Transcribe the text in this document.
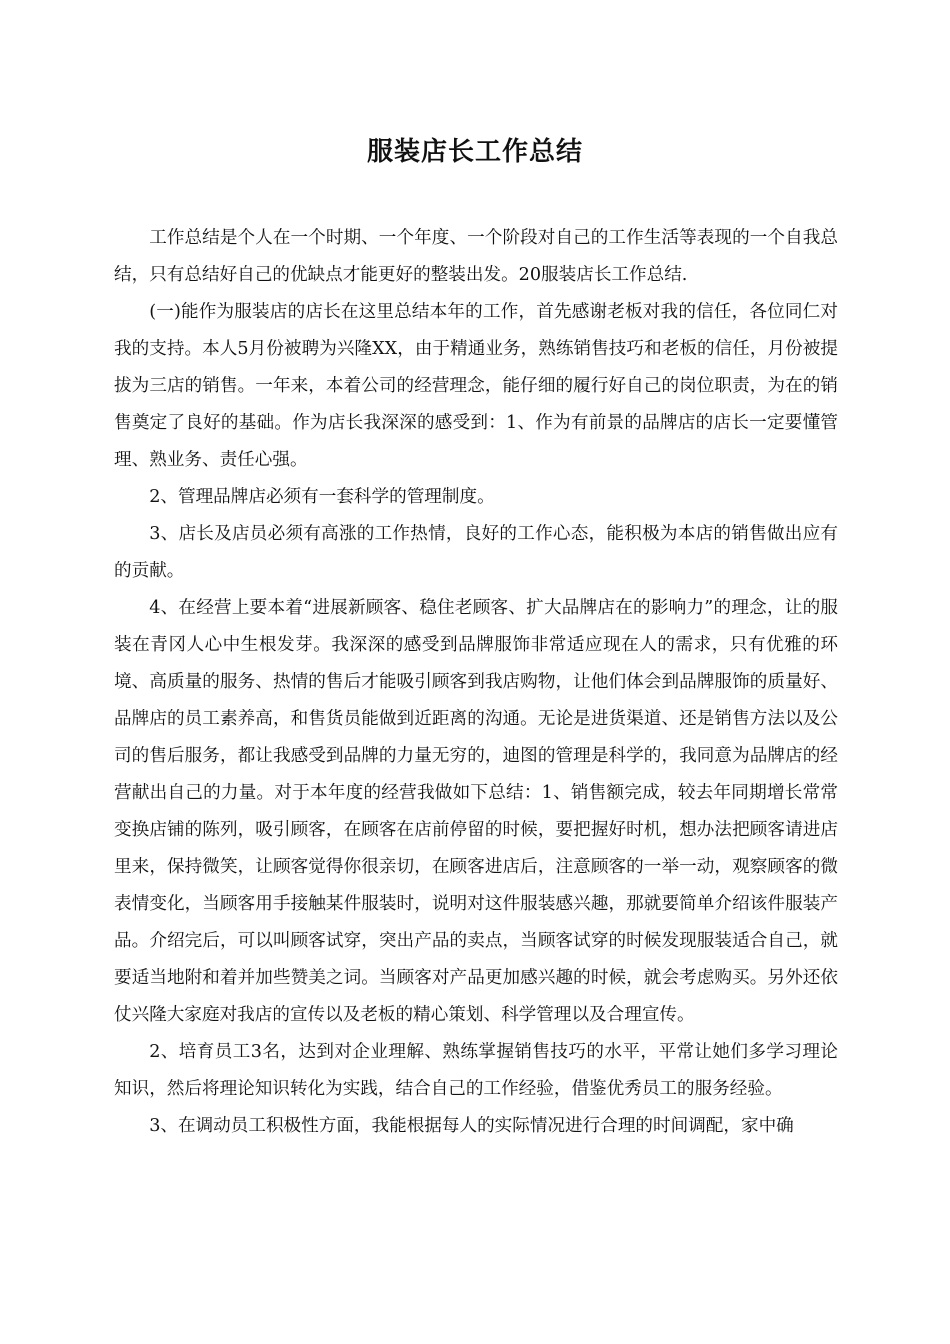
服装店长工作总结

工作总结是个人在一个时期、一个年度、一个阶段对自己的工作生活等表现的一个自我总结，只有总结好自己的优缺点才能更好的整装出发。20服装店长工作总结.

(一)能作为服装店的店长在这里总结本年的工作，首先感谢老板对我的信任，各位同仁对我的支持。本人5月份被聘为兴隆XX，由于精通业务，熟练销售技巧和老板的信任，月份被提拔为三店的销售。一年来，本着公司的经营理念，能仔细的履行好自己的岗位职责，为在的销售奠定了良好的基础。作为店长我深深的感受到：1、作为有前景的品牌店的店长一定要懂管理、熟业务、责任心强。

2、管理品牌店必须有一套科学的管理制度。

3、店长及店员必须有高涨的工作热情，良好的工作心态，能积极为本店的销售做出应有的贡献。

4、在经营上要本着“进展新顾客、稳住老顾客、扩大品牌店在的影响力”的理念，让的服装在青冈人心中生根发芽。我深深的感受到品牌服饰非常适应现在人的需求，只有优雅的环境、高质量的服务、热情的售后才能吸引顾客到我店购物，让他们体会到品牌服饰的质量好、品牌店的员工素养高，和售货员能做到近距离的沟通。无论是进货渠道、还是销售方法以及公司的售后服务，都让我感受到品牌的力量无穷的，迪图的管理是科学的，我同意为品牌店的经营献出自己的力量。对于本年度的经营我做如下总结：1、销售额完成，较去年同期增长常常变换店铺的陈列，吸引顾客，在顾客在店前停留的时候，要把握好时机，想办法把顾客请进店里来，保持微笑，让顾客觉得你很亲切，在顾客进店后，注意顾客的一举一动，观察顾客的微表情变化，当顾客用手接触某件服装时，说明对这件服装感兴趣，那就要简单介绍该件服装产品。介绍完后，可以叫顾客试穿，突出产品的卖点，当顾客试穿的时候发现服装适合自己，就要适当地附和着并加些赞美之词。当顾客对产品更加感兴趣的时候，就会考虑购买。另外还依仗兴隆大家庭对我店的宣传以及老板的精心策划、科学管理以及合理宣传。

2、培育员工3名，达到对企业理解、熟练掌握销售技巧的水平，平常让她们多学习理论知识，然后将理论知识转化为实践，结合自己的工作经验，借鉴优秀员工的服务经验。

3、在调动员工积极性方面，我能根据每人的实际情况进行合理的时间调配，家中确
